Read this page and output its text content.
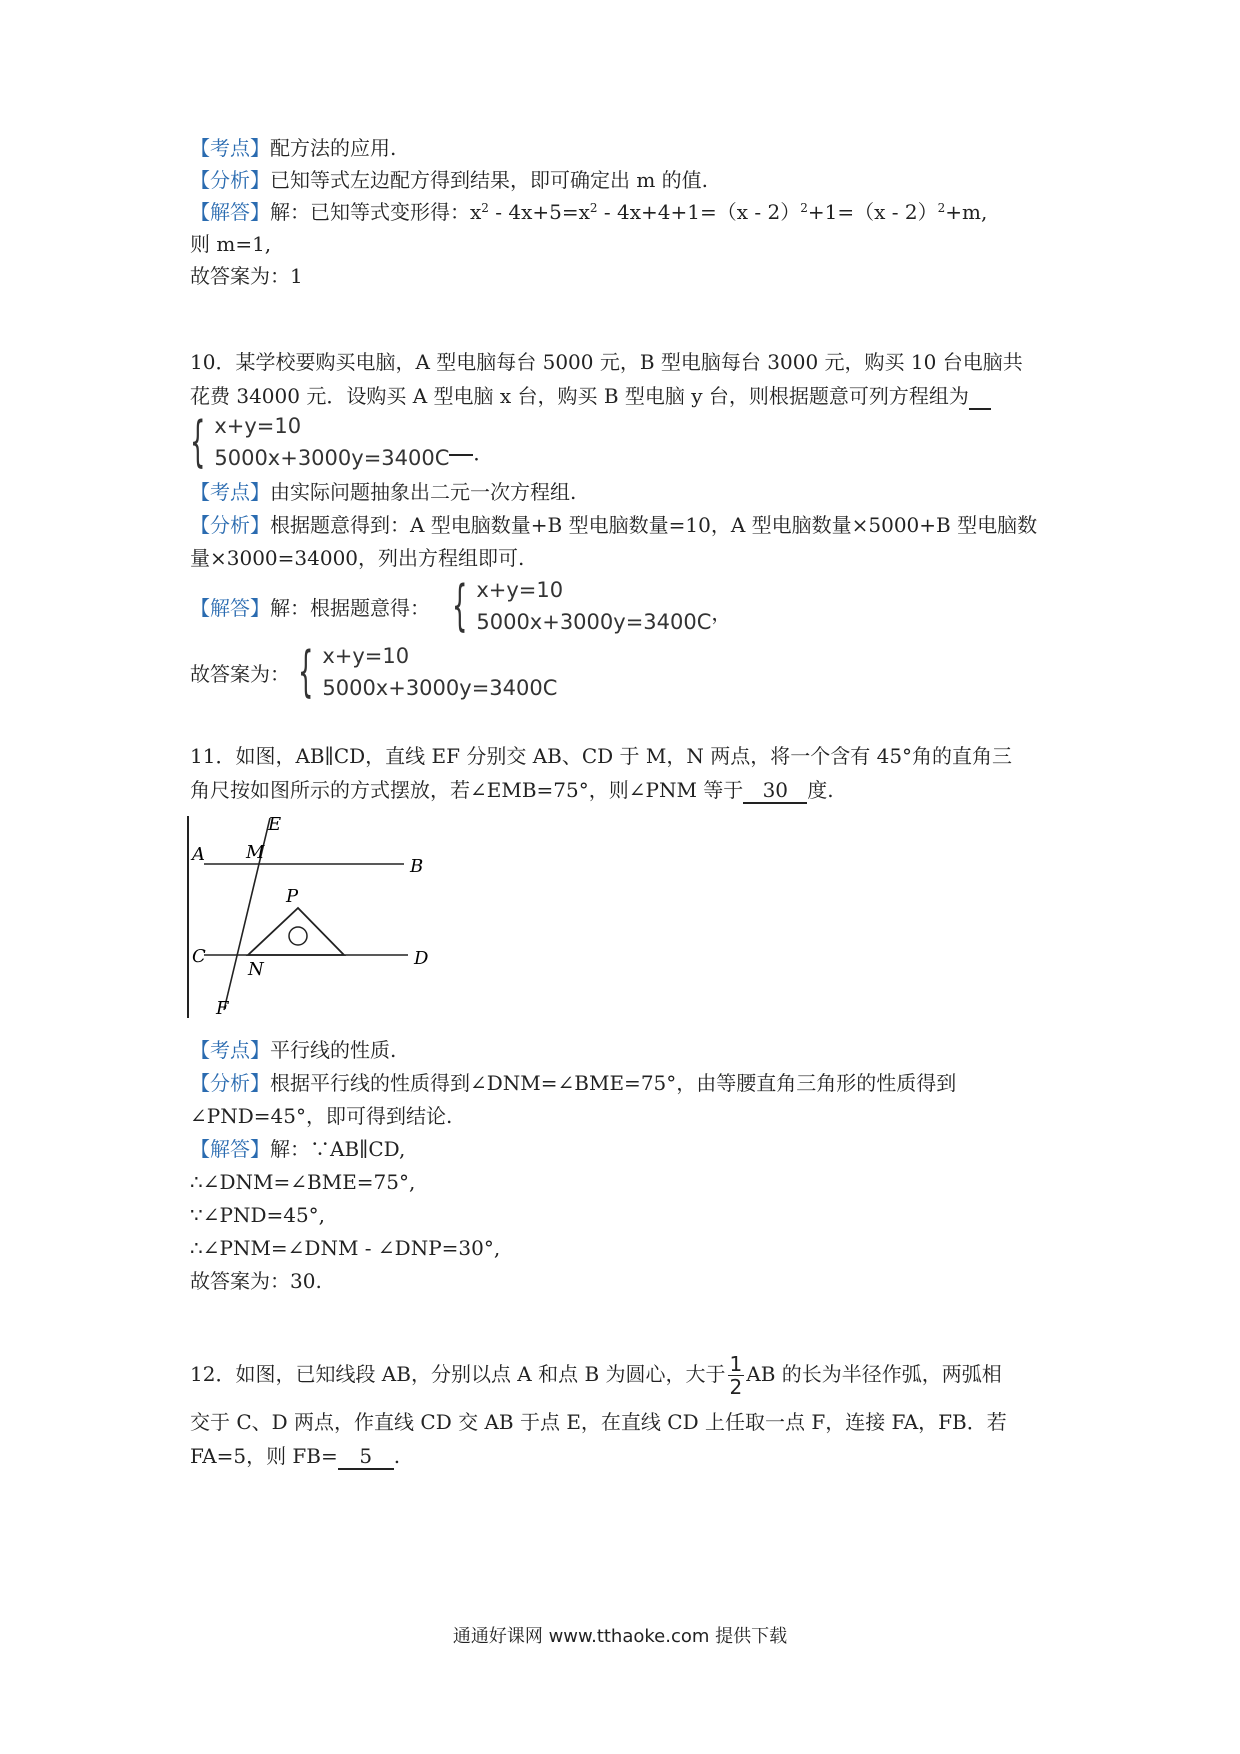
【考点】配方法的应用.
【分析】已知等式左边配方得到结果，即可确定出 m 的值.
【解答】解：已知等式变形得：$x^2 - 4x+5=x^2 - 4x+4+1=(x - 2)^2+1=(x - 2)^2+m$,
则 m=1,
故答案为：1
10．某学校要购买电脑，A 型电脑每台 5000 元，B 型电脑每台 3000 元，购买 10 台电脑共
花费 34000 元．设购买 A 型电脑 x 台，购买 B 型电脑 y 台，则根据题意可列方程组为
{ x+y=10
5000x+3000y=3400C ．
【考点】由实际问题抽象出二元一次方程组.
【分析】根据题意得到：A 型电脑数量+B 型电脑数量=10，A 型电脑数量×5000+B 型电脑数
量×3000=34000，列出方程组即可.
【解答】解：根据题意得： { x+y=10
5000x+3000y=3400C ，
故答案为： { x+y=10
5000x+3000y=3400C
11．如图，AB∥CD，直线 EF 分别交 AB、CD 于 M，N 两点，将一个含有 45°角的直角三
角尺按如图所示的方式摆放，若∠EMB=75°，则∠PNM 等于 30 度.
A
B
C	D
E
F
M
N
P
【考点】平行线的性质.
【分析】根据平行线的性质得到∠DNM=∠BME=75°，由等腰直角三角形的性质得到
∠PND=45°，即可得到结论.
【解答】解：∵AB∥CD,
∴∠DNM=∠BME=75°,
∵∠PND=45°,
∴∠PNM=∠DNM - ∠DNP=30°,
故答案为：30.
12．如图，已知线段 AB，分别以点 A 和点 B 为圆心，大于 $\frac{1}{2}$ AB 的长为半径作弧，两弧相
交于 C、D 两点，作直线 CD 交 AB 于点 E，在直线 CD 上任取一点 F，连接 FA，FB．若
FA=5，则 FB= 5 .
通通好课网 www.tthaoke.com 提供下载
